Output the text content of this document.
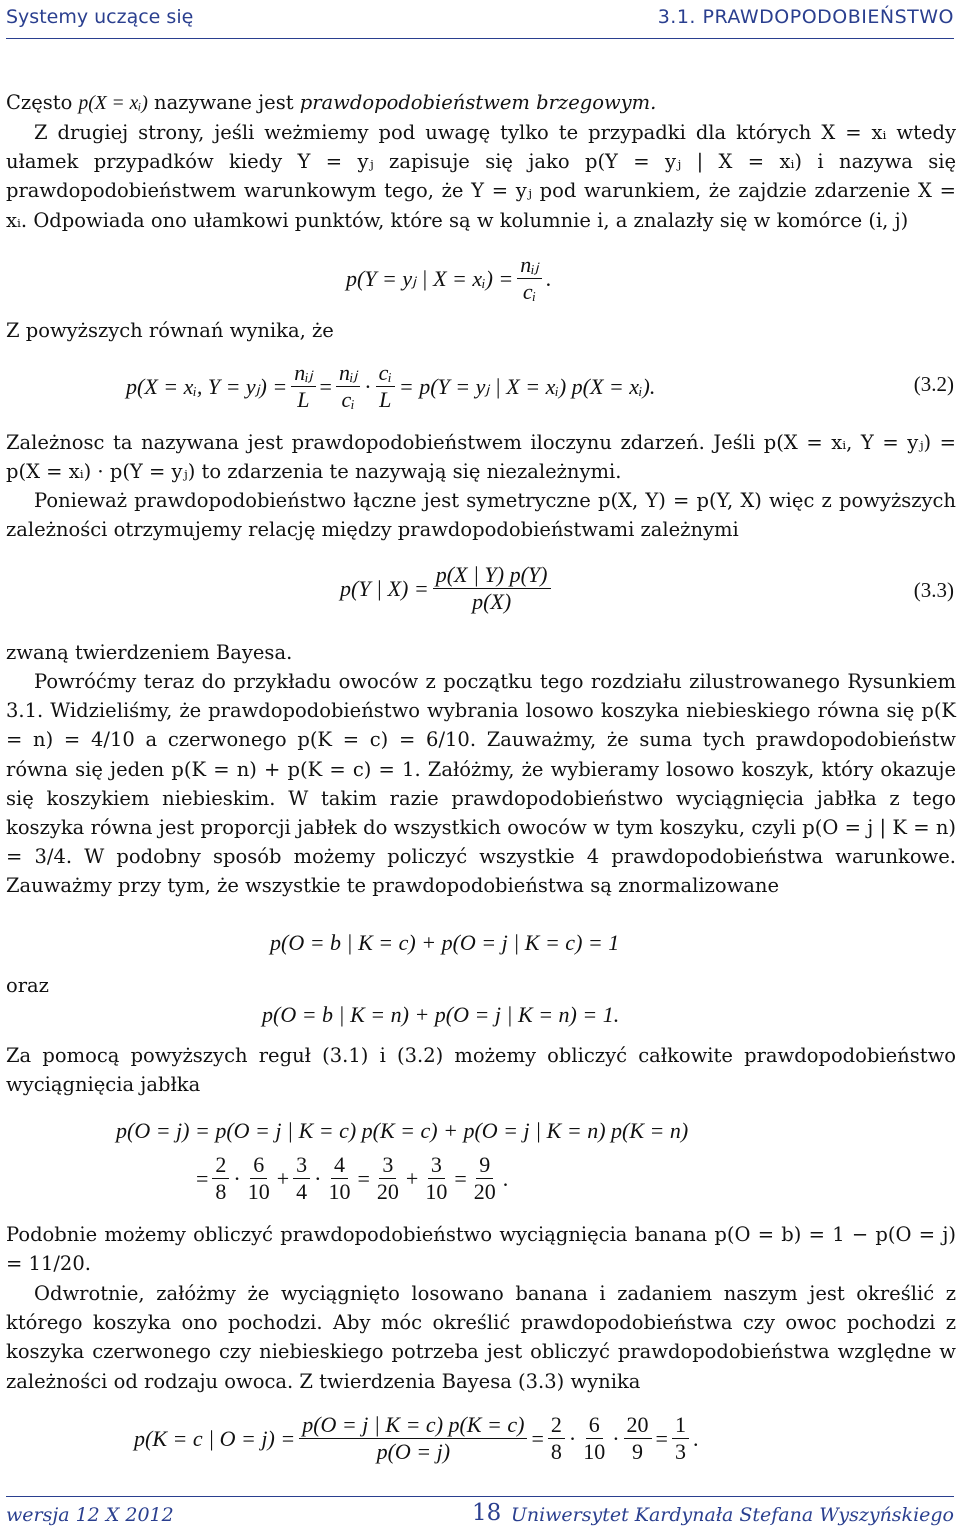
Systemy uczące się	3.1. PRAWDOPODOBIEŃSTWO
Często p(X = xᵢ) nazywane jest prawdopodobieństwem brzegowym.
Z drugiej strony, jeśli weżmiemy pod uwagę tylko te przypadki dla których X = xᵢ wtedy ułamek przypadków kiedy Y = yⱼ zapisuje się jako p(Y = yⱼ | X = xᵢ) i nazywa się prawdopodobieństwem warunkowym tego, że Y = yⱼ pod warunkiem, że zajdzie zdarzenie X = xᵢ. Odpowiada ono ułamkowi punktów, które są w kolumnie i, a znalazły się w komórce (i, j)
p(Y = yⱼ | X = xᵢ) = $\frac{\text{nᵢⱼ}}{\text{cᵢ}}$ .
Z powyższych równań wynika, że
p(X = xᵢ, Y = yⱼ) = $\frac{\text{nᵢⱼ}}{L} = \frac{\text{nᵢⱼ}}{\text{cᵢ}} \cdot \frac{\text{cᵢ}}{L} = p(Y$ = yⱼ | X = xᵢ) p(X = xᵢ).	(3.2)
Zależnosc ta nazywana jest prawdopodobieństwem iloczynu zdarzeń. Jeśli p(X = xᵢ, Y = yⱼ) = p(X = xᵢ) · p(Y = yⱼ) to zdarzenia te nazywają się niezależnymi.
Ponieważ prawdopodobieństwo łączne jest symetryczne p(X, Y) = p(Y, X) więc z powyższych zależności otrzymujemy relację między prawdopodobieństwami zależnymi
p(Y | $X) = \frac{p(X | Y) p(Y)}{p(X)}$	(3.3)
zwaną twierdzeniem Bayesa.
Powróćmy teraz do przykładu owoców z początku tego rozdziału zilustrowanego Rysunkiem 3.1. Widzieliśmy, że prawdopodobieństwo wybrania losowo koszyka niebieskiego równa się p(K = n) = 4/10 a czerwonego p(K = c) = 6/10. Zauważmy, że suma tych prawdopodobieństw równa się jeden p(K = n) + p(K = c) = 1. Załóżmy, że wybieramy losowo koszyk, który okazuje się koszykiem niebieskim. W takim razie prawdopodobieństwo wyciągnięcia jabłka z tego koszyka równa jest proporcji jabłek do wszystkich owoców w tym koszyku, czyli p(O = j | K = n) = 3/4. W podobny sposób możemy policzyć wszystkie 4 prawdopodobieństwa warunkowe. Zauważmy przy tym, że wszystkie te prawdopodobieństwa są znormalizowane
p(O = b | K = c) + p(O = j | K = c) = 1
oraz
p(O = b | K = n) + p(O = j | K = n) = 1.
Za pomocą powyższych reguł (3.1) i (3.2) możemy obliczyć całkowite prawdopodobieństwo wyciągnięcia jabłka
p(O = j) = p(O = j | K = c) p(K = c) + p(O = j | K = n) p(K = n)
= $\frac{2}{8} \cdot \frac{6}{10} + \frac{3}{4} \cdot \frac{4}{10} = \frac{3}{20} + \frac{3}{10} = \frac{9}{20}$ .
Podobnie możemy obliczyć prawdopodobieństwo wyciągnięcia banana p(O = b) = 1 − p(O = j) = 11/20.
Odwrotnie, załóżmy że wyciągnięto losowano banana i zadaniem naszym jest określić z którego koszyka ono pochodzi. Aby móc określić prawdopodobieństwa czy owoc pochodzi z koszyka czerwonego czy niebieskiego potrzeba jest obliczyć prawdopodobieństwa względne w zależności od rodzaju owoca. Z twierdzenia Bayesa (3.3) wynika
p(K = c | $O = j) = \frac{p(O = j | K = c) p(K = c)}{p(O = j)} = \frac{2}{8} \cdot \frac{6}{10} \cdot \frac{20}{9} = \frac{1}{3}$ .
wersja 12 X 2012	18 Uniwersytet Kardynała Stefana Wyszyńskiego
